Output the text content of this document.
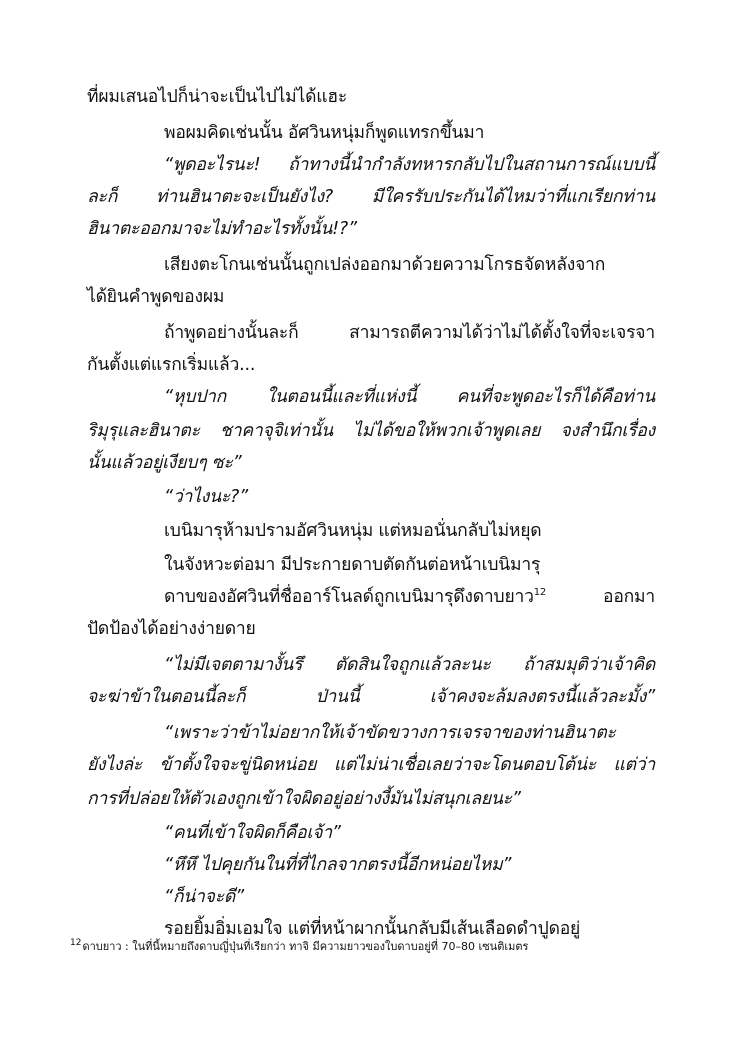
ที่ผมเสนอไปก็น่าจะเป็นไปไม่ได้แฮะ
พอผมคิดเช่นนั้น อัศวินหนุ่มก็พูดแทรกขึ้นมา
“พูดอะไรนะ! ถ้าทางนี้นำกำลังทหารกลับไปในสถานการณ์แบบนี้
ละก็ ท่านฮินาตะจะเป็นยังไง? มีใครรับประกันได้ไหมว่าที่แกเรียกท่าน
ฮินาตะออกมาจะไม่ทำอะไรทั้งนั้น!?”
เสียงตะโกนเช่นนั้นถูกเปล่งออกมาด้วยความโกรธจัดหลังจาก
ได้ยินคำพูดของผม
ถ้าพูดอย่างนั้นละก็ สามารถตีความได้ว่าไม่ได้ตั้งใจที่จะเจรจา
กันตั้งแต่แรกเริ่มแล้ว...
“หุบปาก ในตอนนี้และที่แห่งนี้ คนที่จะพูดอะไรก็ได้คือท่าน
ริมุรุและฮินาตะ ชาคาจุจิเท่านั้น ไม่ได้ขอให้พวกเจ้าพูดเลย จงสำนึกเรื่อง
นั้นแล้วอยู่เงียบๆ ซะ”
“ว่าไงนะ?”
เบนิมารุห้ามปรามอัศวินหนุ่ม แต่หมอนั่นกลับไม่หยุด
ในจังหวะต่อมา มีประกายดาบตัดกันต่อหน้าเบนิมารุ
ดาบของอัศวินที่ชื่ออาร์โนลด์ถูกเบนิมารุดึงดาบยาว$^{12}$	ออกมา
ปัดป้องได้อย่างง่ายดาย
“ไม่มีเจตตามางั้นรึ ตัดสินใจถูกแล้วละนะ ถ้าสมมุติว่าเจ้าคิด
จะฆ่าข้าในตอนนี้ละก็ ป่านนี้ เจ้าคงจะล้มลงตรงนี้แล้วละมั้ง”
“เพราะว่าข้าไม่อยากให้เจ้าขัดขวางการเจรจาของท่านฮินาตะ
ยังไงล่ะ ข้าตั้งใจจะขู่นิดหน่อย แต่ไม่น่าเชื่อเลยว่าจะโดนตอบโต้น่ะ แต่ว่า
การที่ปล่อยให้ตัวเองถูกเข้าใจผิดอยู่อย่างงี้มันไม่สนุกเลยนะ”
“คนที่เข้าใจผิดก็คือเจ้า”
“หึหึ ไปคุยกันในที่ที่ไกลจากตรงนี้อีกหน่อยไหม”
“ก็น่าจะดี”
รอยยิ้มอิ่มเอมใจ แต่ที่หน้าผากนั้นกลับมีเส้นเลือดดำปูดอยู่
$^{12}$ดาบยาว : ในที่นี้หมายถึงดาบญี่ปุ่นที่เรียกว่า ทาจิ มีความยาวของใบดาบอยู่ที่ 70–80 เซนติเมตร
